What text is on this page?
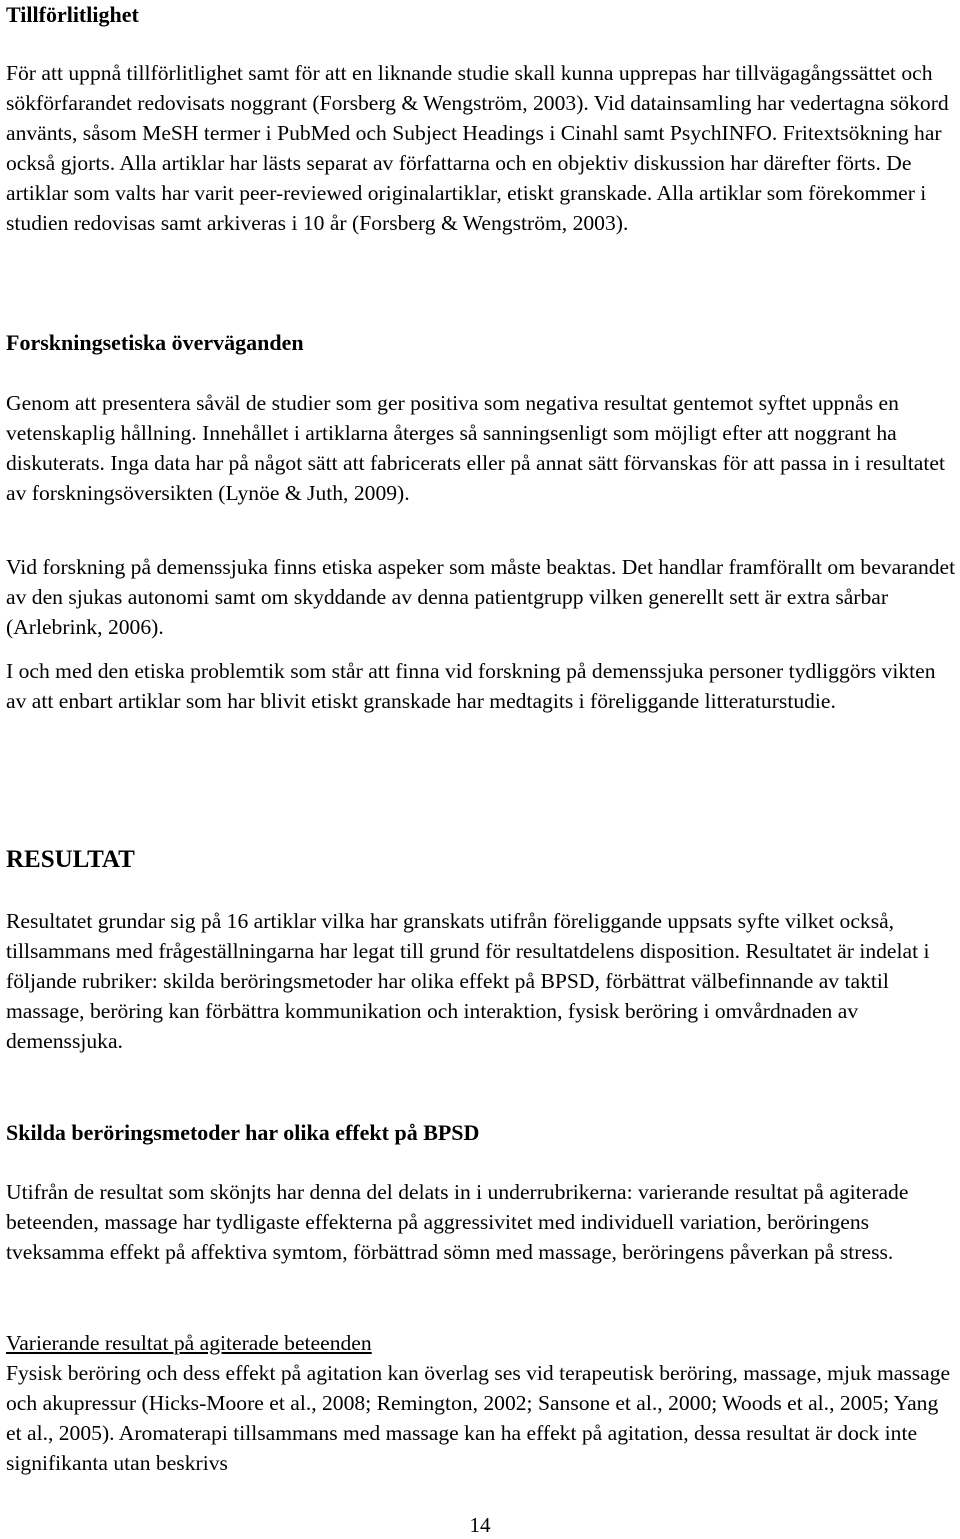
Tillförlitlighet

För att uppnå tillförlitlighet samt för att en liknande studie skall kunna upprepas har tillvägagångssättet och sökförfarandet redovisats noggrant (Forsberg & Wengström, 2003). Vid datainsamling har vedertagna sökord använts, såsom MeSH termer i PubMed och Subject Headings i Cinahl samt PsychINFO. Fritextsökning har också gjorts. Alla artiklar har lästs separat av författarna och en objektiv diskussion har därefter förts. De artiklar som valts har varit peer-reviewed originalartiklar, etiskt granskade. Alla artiklar som förekommer i studien redovisas samt arkiveras i 10 år (Forsberg & Wengström, 2003).

Forskningsetiska överväganden

Genom att presentera såväl de studier som ger positiva som negativa resultat gentemot syftet uppnås en vetenskaplig hållning. Innehållet i artiklarna återges så sanningsenligt som möjligt efter att noggrant ha diskuterats. Inga data har på något sätt att fabricerats eller på annat sätt förvanskas för att passa in i resultatet av forskningsöversikten (Lynöe & Juth, 2009).

Vid forskning på demenssjuka finns etiska aspeker som måste beaktas. Det handlar framförallt om bevarandet av den sjukas autonomi samt om skyddande av denna patientgrupp vilken generellt sett är extra sårbar (Arlebrink, 2006).

I och med den etiska problemtik som står att finna vid forskning på demenssjuka personer tydliggörs vikten av att enbart artiklar som har blivit etiskt granskade har medtagits i föreliggande litteraturstudie.

RESULTAT

Resultatet grundar sig på 16 artiklar vilka har granskats utifrån föreliggande uppsats syfte vilket också, tillsammans med frågeställningarna har legat till grund för resultatdelens disposition. Resultatet är indelat i följande rubriker: skilda beröringsmetoder har olika effekt på BPSD, förbättrat välbefinnande av taktil massage, beröring kan förbättra kommunikation och interaktion, fysisk beröring i omvårdnaden av demenssjuka.

Skilda beröringsmetoder har olika effekt på BPSD

Utifrån de resultat som skönjts har denna del delats in i underrubrikerna: varierande resultat på agiterade beteenden, massage har tydligaste effekterna på aggressivitet med individuell variation, beröringens tveksamma effekt på affektiva symtom, förbättrad sömn med massage, beröringens påverkan på stress.

Varierande resultat på agiterade beteenden

Fysisk beröring och dess effekt på agitation kan överlag ses vid terapeutisk beröring, massage, mjuk massage och akupressur (Hicks-Moore et al., 2008; Remington, 2002; Sansone et al., 2000; Woods et al., 2005; Yang et al., 2005). Aromaterapi tillsammans med massage kan ha effekt på agitation, dessa resultat är dock inte signifikanta utan beskrivs

14
